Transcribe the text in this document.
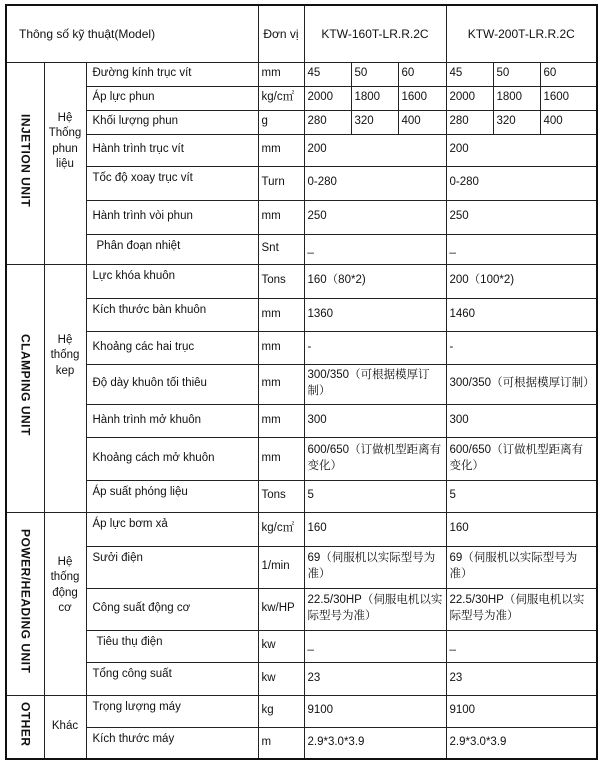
Thông số kỹ thuật(Model)			Đơn vị	KTW-160T-LR.R.2C			KTW-200T-LR.R.2C		
INJETION UNIT	Hệ Thống phun liệu	Đường kính trục vít	mm	45	50	60	45	50	60
		Áp lực phun	kg/c㎡	2000	1800	1600	2000	1800	1600
		Khối lượng phun	g	280	320	400	280	320	400
		Hành trình trục vít	mm	200			200		
		Tốc độ xoay trục vít	Turn	0-280			0-280		
		Hành trình vòi phun	mm	250			250		
		Phân đoạn nhiệt	Snt	_			_		
CLAMPING UNIT	Hệ thống kep	Lực khóa khuôn	Tons	160（80*2)			200（100*2)		
		Kích thước bàn khuôn	mm	1360			1460		
		Khoảng các hai trục	mm	-			-		
		Độ dày khuôn tối thiêu	mm	300/350（可根据模厚订制）			300/350（可根据模厚订制）		
		Hành trình mở khuôn	mm	300			300		
		Khoảng cách mở khuôn	mm	600/650（订做机型距离有变化）			600/650（订做机型距离有变化）		
		Áp suất phóng liệu	Tons	5			5		
POWER/HEADING UNIT	Hệ thống động cơ	Áp lực bơm xả	kg/c㎡	160			160		
		Sưởi điện	1/min	69（伺服机以实际型号为准）			69（伺服机以实际型号为准）		
		Công suất động cơ	kw/HP	22.5/30HP（伺服电机以实际型号为准）			22.5/30HP（伺服电机以实际型号为准）		
		Tiêu thụ điện	kw	_			_		
		Tổng công suất	kw	23			23		
OTHER	Khác	Trọng lượng máy	kg	9100			9100		
		Kích thước máy	m	2.9*3.0*3.9			2.9*3.0*3.9		
